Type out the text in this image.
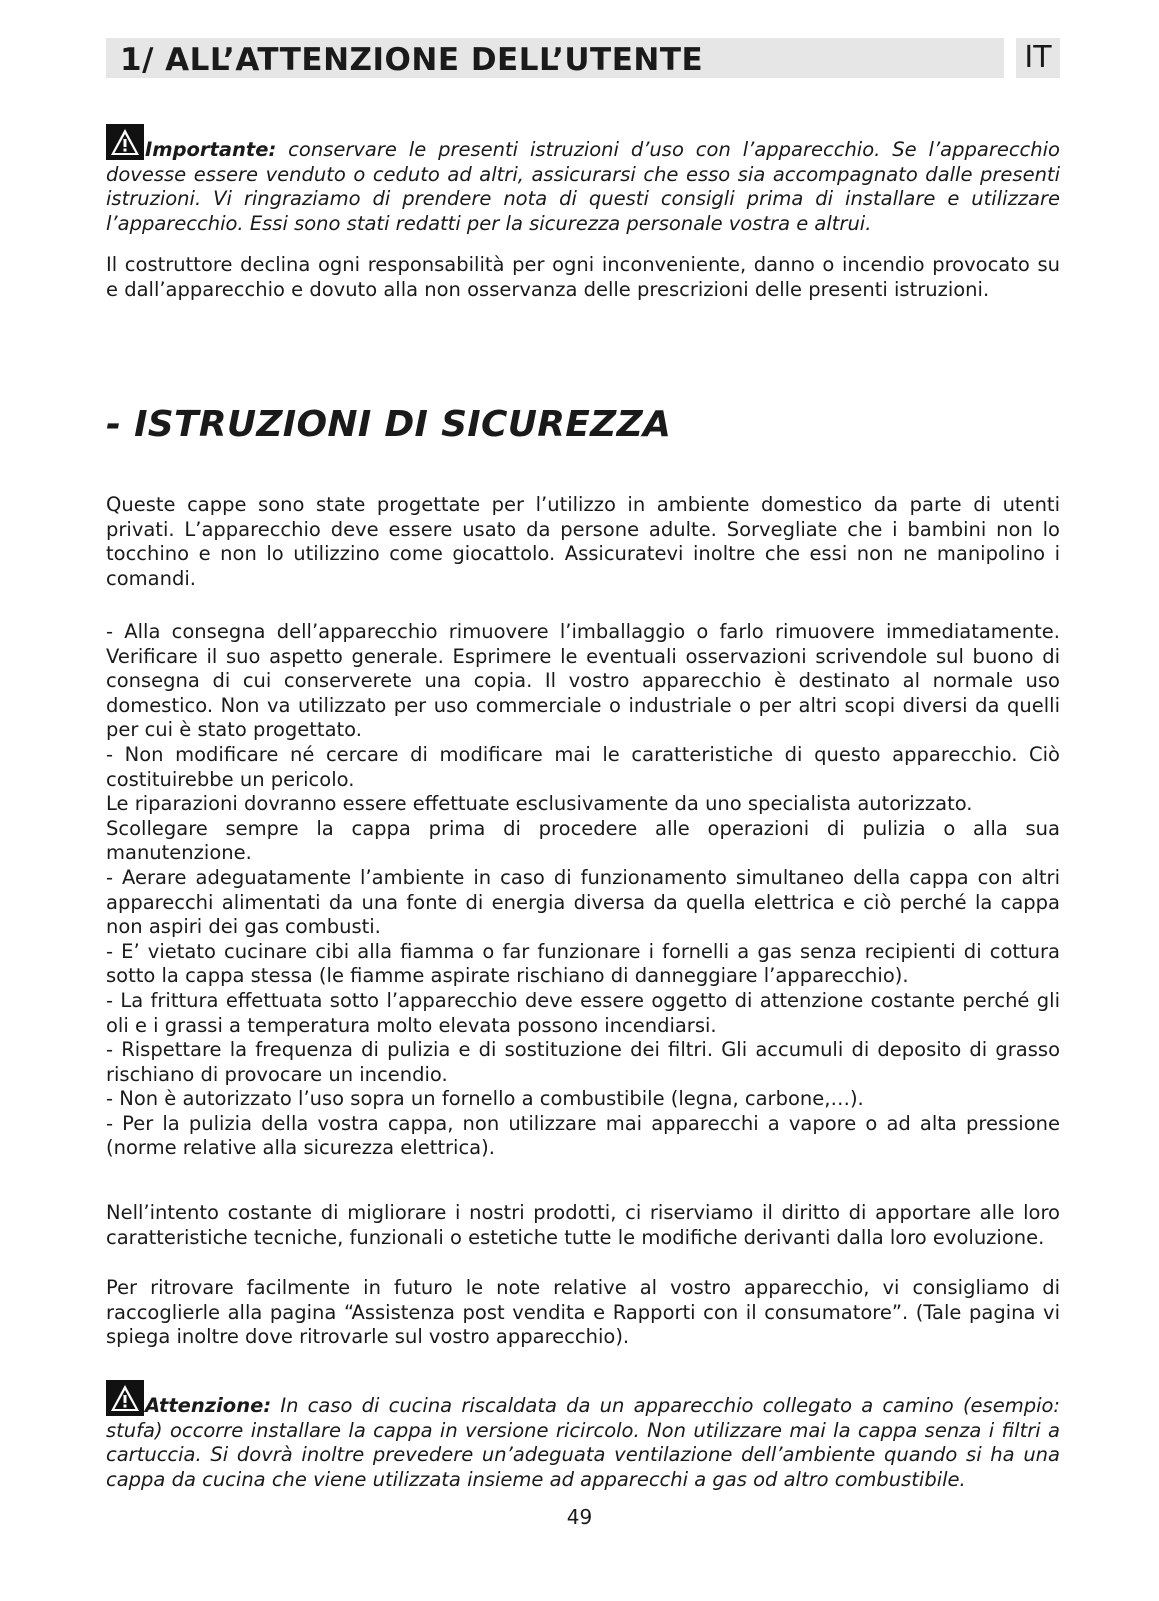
1/ ALL’ATTENZIONE DELL’UTENTE	IT
Importante: conservare le presenti istruzioni d’uso con l’apparecchio. Se l’apparecchio dovesse essere venduto o ceduto ad altri, assicurarsi che esso sia accompagnato dalle presenti istruzioni. Vi ringraziamo di prendere nota di questi consigli prima di installare e utilizzare l’apparecchio. Essi sono stati redatti per la sicurezza personale vostra e altrui.
Il costruttore declina ogni responsabilità per ogni inconveniente, danno o incendio provocato su e dall’apparecchio e dovuto alla non osservanza delle prescrizioni delle presenti istruzioni.
- ISTRUZIONI DI SICUREZZA
Queste cappe sono state progettate per l’utilizzo in ambiente domestico da parte di utenti privati. L’apparecchio deve essere usato da persone adulte. Sorvegliate che i bambini non lo tocchino e non lo utilizzino come giocattolo. Assicuratevi inoltre che essi non ne manipolino i comandi.

- Alla consegna dell’apparecchio rimuovere l’imballaggio o farlo rimuovere immediatamente. Verificare il suo aspetto generale. Esprimere le eventuali osservazioni scrivendole sul buono di consegna di cui conserverete una copia. Il vostro apparecchio è destinato al normale uso domestico. Non va utilizzato per uso commerciale o industriale o per altri scopi diversi da quelli per cui è stato progettato.

- Non modificare né cercare di modificare mai le caratteristiche di questo apparecchio. Ciò costituirebbe un pericolo.

Le riparazioni dovranno essere effettuate esclusivamente da uno specialista autorizzato.

Scollegare sempre la cappa prima di procedere alle operazioni di pulizia o alla sua manutenzione.

- Aerare adeguatamente l’ambiente in caso di funzionamento simultaneo della cappa con altri apparecchi alimentati da una fonte di energia diversa da quella elettrica e ciò perché la cappa non aspiri dei gas combusti.

- E’ vietato cucinare cibi alla fiamma o far funzionare i fornelli a gas senza recipienti di cottura sotto la cappa stessa (le fiamme aspirate rischiano di danneggiare l’apparecchio).

- La frittura effettuata sotto l’apparecchio deve essere oggetto di attenzione costante perché gli oli e i grassi a temperatura molto elevata possono incendiarsi.

- Rispettare la frequenza di pulizia e di sostituzione dei filtri. Gli accumuli di deposito di grasso rischiano di provocare un incendio.

- Non è autorizzato l’uso sopra un fornello a combustibile (legna, carbone,…).

- Per la pulizia della vostra cappa, non utilizzare mai apparecchi a vapore o ad alta pressione (norme relative alla sicurezza elettrica).

Nell’intento costante di migliorare i nostri prodotti, ci riserviamo il diritto di apportare alle loro caratteristiche tecniche, funzionali o estetiche tutte le modifiche derivanti dalla loro evoluzione.
Per ritrovare facilmente in futuro le note relative al vostro apparecchio, vi consigliamo di raccoglierle alla pagina “Assistenza post vendita e Rapporti con il consumatore”. (Tale pagina vi spiega inoltre dove ritrovarle sul vostro apparecchio).
Attenzione: In caso di cucina riscaldata da un apparecchio collegato a camino (esempio: stufa) occorre installare la cappa in versione ricircolo. Non utilizzare mai la cappa senza i filtri a cartuccia. Si dovrà inoltre prevedere un’adeguata ventilazione dell’ambiente quando si ha una cappa da cucina che viene utilizzata insieme ad apparecchi a gas od altro combustibile.
49
